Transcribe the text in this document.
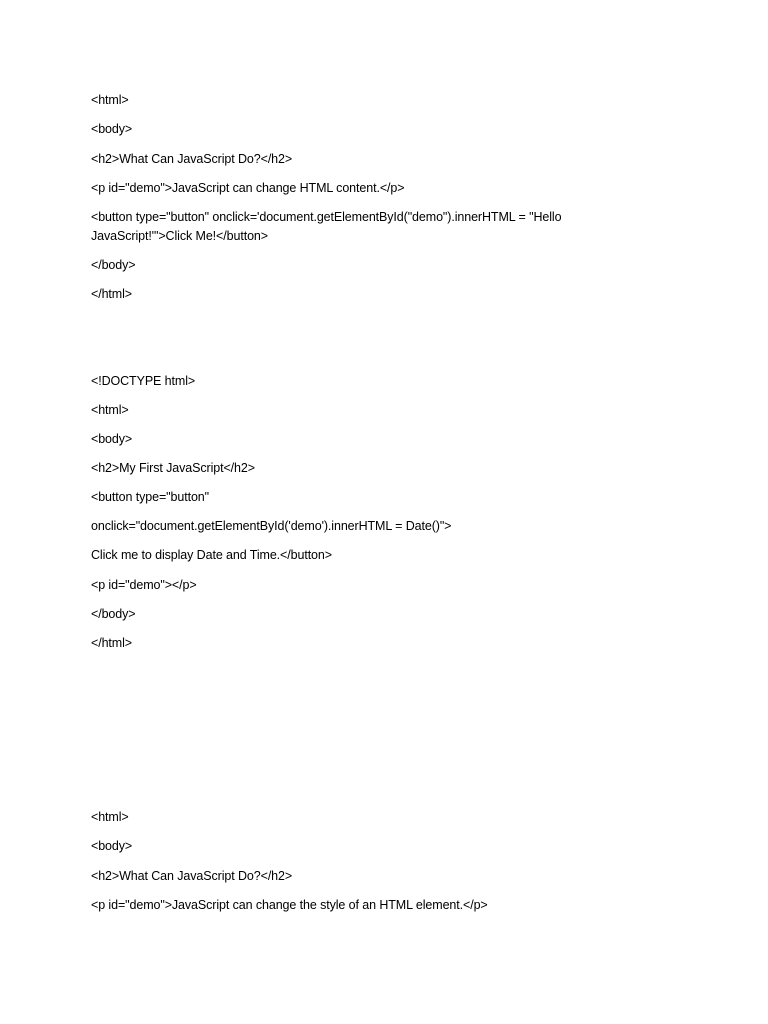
<html>

<body>

<h2>What Can JavaScript Do?</h2>

<p id="demo">JavaScript can change HTML content.</p>

<button type="button" onclick='document.getElementById("demo").innerHTML = "Hello JavaScript!"'>Click Me!</button>

</body>

</html>

<!DOCTYPE html>

<html>

<body>

<h2>My First JavaScript</h2>

<button type="button"

onclick="document.getElementById('demo').innerHTML = Date()">

Click me to display Date and Time.</button>

<p id="demo"></p>

</body>

</html>

<html>

<body>

<h2>What Can JavaScript Do?</h2>

<p id="demo">JavaScript can change the style of an HTML element.</p>
